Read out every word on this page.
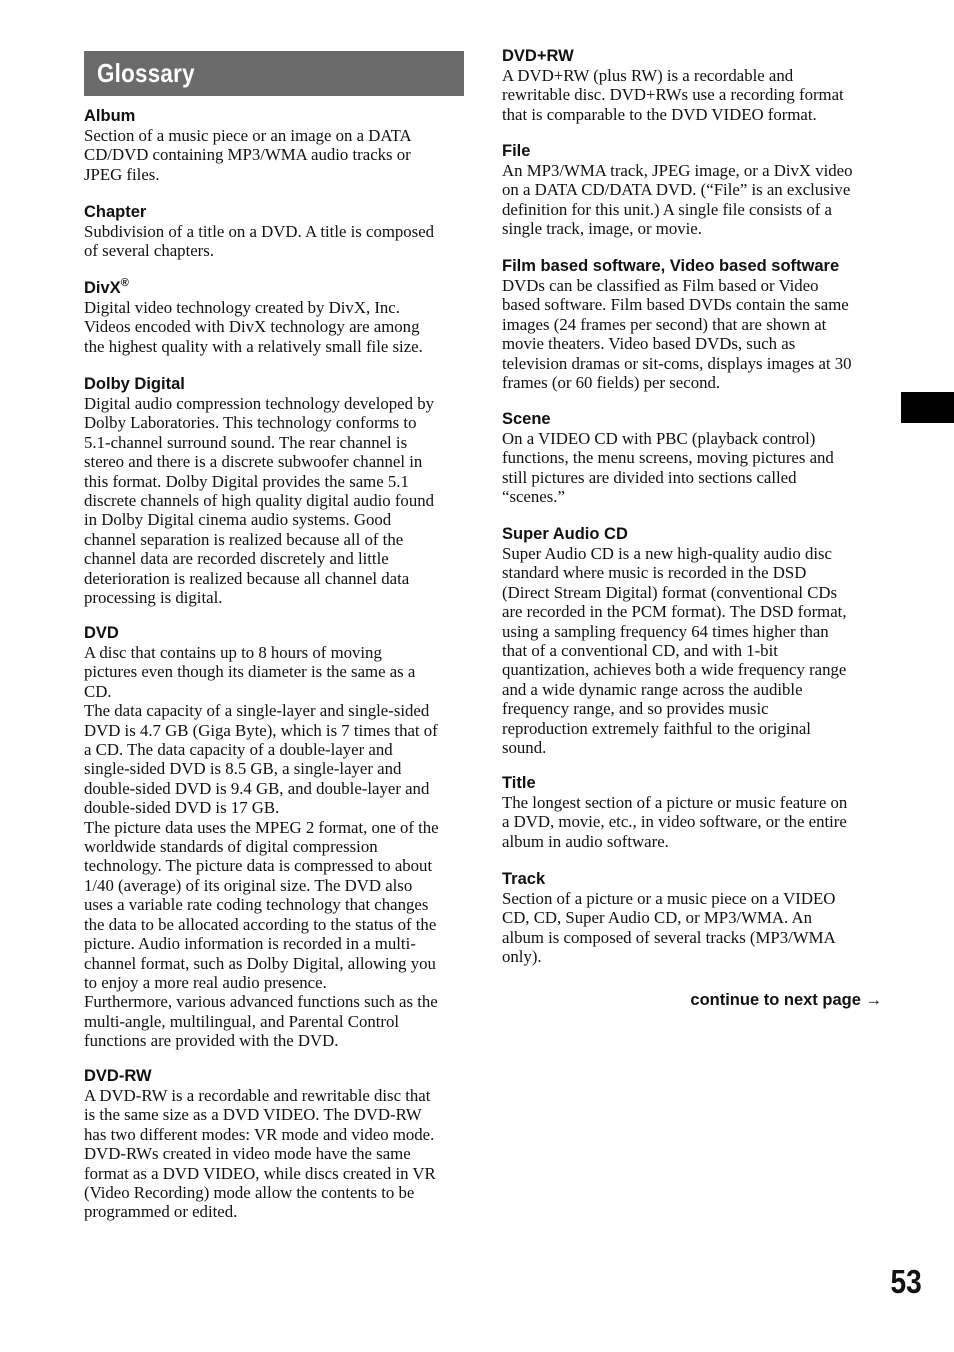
Glossary
Album
Section of a music piece or an image on a DATA
CD/DVD containing MP3/WMA audio tracks or
JPEG files.
Chapter
Subdivision of a title on a DVD. A title is composed
of several chapters.
DivX®
Digital video technology created by DivX, Inc.
Videos encoded with DivX technology are among
the highest quality with a relatively small file size.
Dolby Digital
Digital audio compression technology developed by
Dolby Laboratories. This technology conforms to
5.1-channel surround sound. The rear channel is
stereo and there is a discrete subwoofer channel in
this format. Dolby Digital provides the same 5.1
discrete channels of high quality digital audio found
in Dolby Digital cinema audio systems. Good
channel separation is realized because all of the
channel data are recorded discretely and little
deterioration is realized because all channel data
processing is digital.
DVD
A disc that contains up to 8 hours of moving
pictures even though its diameter is the same as a
CD.
The data capacity of a single-layer and single-sided
DVD is 4.7 GB (Giga Byte), which is 7 times that of
a CD. The data capacity of a double-layer and
single-sided DVD is 8.5 GB, a single-layer and
double-sided DVD is 9.4 GB, and double-layer and
double-sided DVD is 17 GB.
The picture data uses the MPEG 2 format, one of the
worldwide standards of digital compression
technology. The picture data is compressed to about
1/40 (average) of its original size. The DVD also
uses a variable rate coding technology that changes
the data to be allocated according to the status of the
picture. Audio information is recorded in a multi-
channel format, such as Dolby Digital, allowing you
to enjoy a more real audio presence.
Furthermore, various advanced functions such as the
multi-angle, multilingual, and Parental Control
functions are provided with the DVD.
DVD-RW
A DVD-RW is a recordable and rewritable disc that
is the same size as a DVD VIDEO. The DVD-RW
has two different modes: VR mode and video mode.
DVD-RWs created in video mode have the same
format as a DVD VIDEO, while discs created in VR
(Video Recording) mode allow the contents to be
programmed or edited.
DVD+RW
A DVD+RW (plus RW) is a recordable and
rewritable disc. DVD+RWs use a recording format
that is comparable to the DVD VIDEO format.
File
An MP3/WMA track, JPEG image, or a DivX video
on a DATA CD/DATA DVD. (“File” is an exclusive
definition for this unit.) A single file consists of a
single track, image, or movie.
Film based software, Video based software
DVDs can be classified as Film based or Video
based software. Film based DVDs contain the same
images (24 frames per second) that are shown at
movie theaters. Video based DVDs, such as
television dramas or sit-coms, displays images at 30
frames (or 60 fields) per second.
Scene
On a VIDEO CD with PBC (playback control)
functions, the menu screens, moving pictures and
still pictures are divided into sections called
“scenes.”
Super Audio CD
Super Audio CD is a new high-quality audio disc
standard where music is recorded in the DSD
(Direct Stream Digital) format (conventional CDs
are recorded in the PCM format). The DSD format,
using a sampling frequency 64 times higher than
that of a conventional CD, and with 1-bit
quantization, achieves both a wide frequency range
and a wide dynamic range across the audible
frequency range, and so provides music
reproduction extremely faithful to the original
sound.
Title
The longest section of a picture or music feature on
a DVD, movie, etc., in video software, or the entire
album in audio software.
Track
Section of a picture or a music piece on a VIDEO
CD, CD, Super Audio CD, or MP3/WMA. An
album is composed of several tracks (MP3/WMA
only).
continue to next page →
53
